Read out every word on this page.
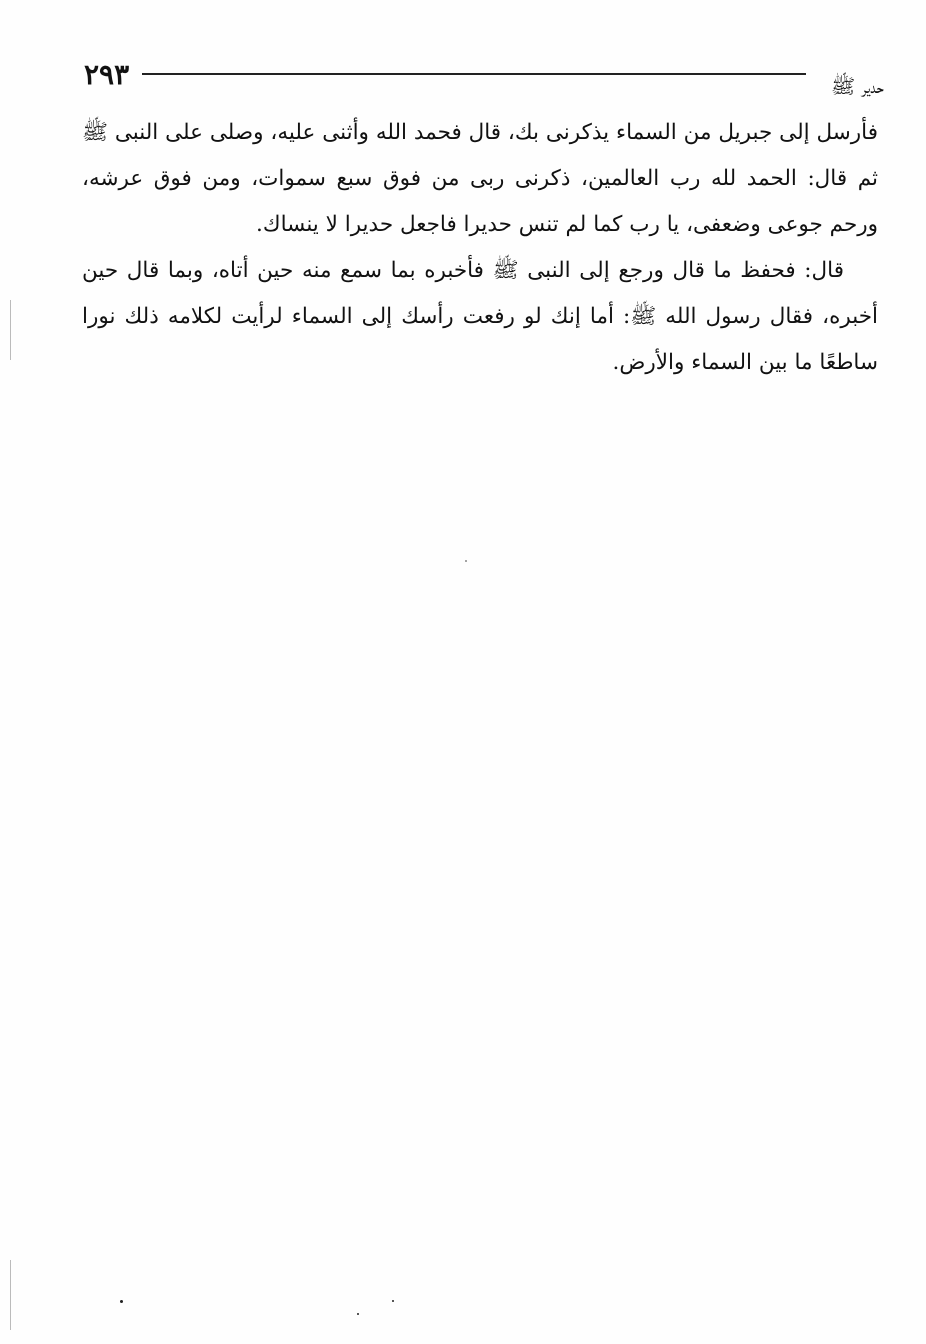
٢٩٣	حدير ﷺ

فأرسل إلى جبريل من السماء يذكرنى بك، قال فحمد الله وأثنى عليه، وصلى على النبى ﷺ ثم قال: الحمد لله رب العالمين، ذكرنى ربى من فوق سبع سموات، ومن فوق عرشه، ورحم جوعى وضعفى، يا رب كما لم تنس حديرا فاجعل حديرا لا ينساك.

قال: فحفظ ما قال ورجع إلى النبى ﷺ فأخبره بما سمع منه حين أتاه، وبما قال حين أخبره، فقال رسول الله ﷺ: أما إنك لو رفعت رأسك إلى السماء لرأيت لكلامه ذلك نورا ساطعًا ما بين السماء والأرض.
